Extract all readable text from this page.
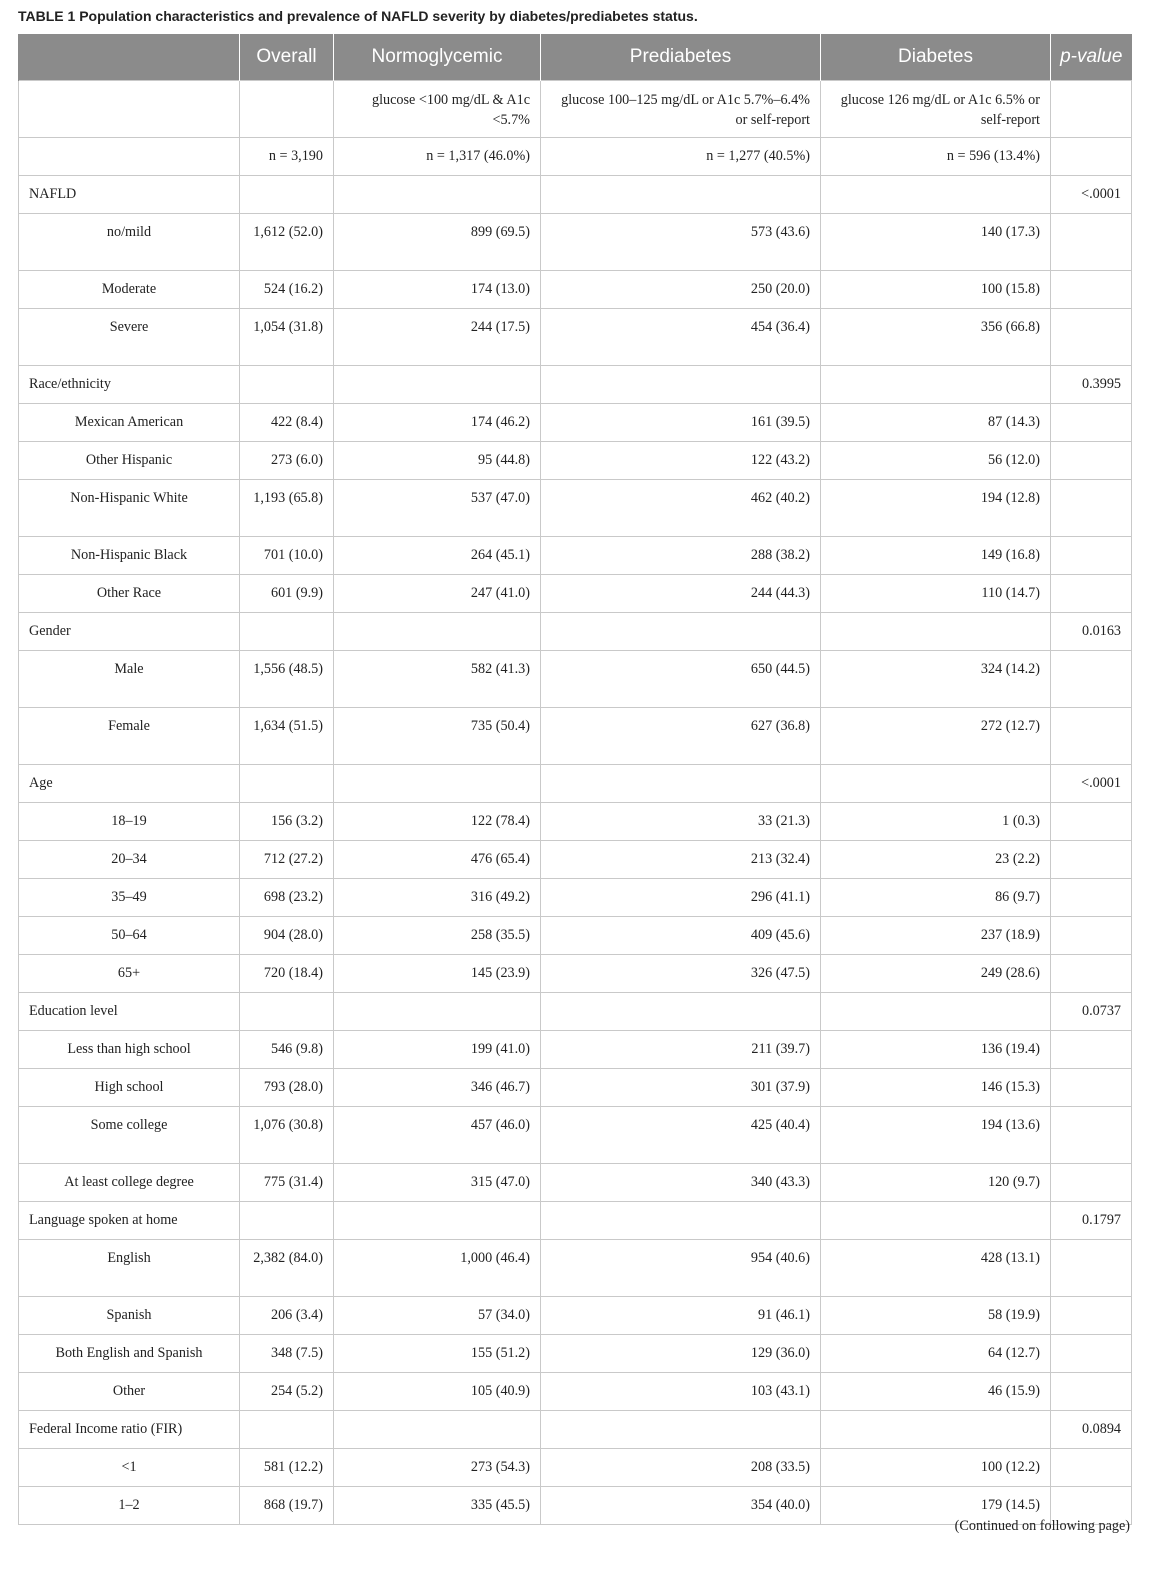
TABLE 1 Population characteristics and prevalence of NAFLD severity by diabetes/prediabetes status.
	Overall	Normoglycemic	Prediabetes	Diabetes	p-value
		glucose <100 mg/dL & A1c <5.7%	glucose 100–125 mg/dL or A1c 5.7%–6.4% or self-report	glucose 126 mg/dL or A1c 6.5% or self-report	
	n = 3,190	n = 1,317 (46.0%)	n = 1,277 (40.5%)	n = 596 (13.4%)	
NAFLD					<.0001
no/mild	1,612 (52.0)	899 (69.5)	573 (43.6)	140 (17.3)	
Moderate	524 (16.2)	174 (13.0)	250 (20.0)	100 (15.8)	
Severe	1,054 (31.8)	244 (17.5)	454 (36.4)	356 (66.8)	
Race/ethnicity					0.3995
Mexican American	422 (8.4)	174 (46.2)	161 (39.5)	87 (14.3)	
Other Hispanic	273 (6.0)	95 (44.8)	122 (43.2)	56 (12.0)	
Non-Hispanic White	1,193 (65.8)	537 (47.0)	462 (40.2)	194 (12.8)	
Non-Hispanic Black	701 (10.0)	264 (45.1)	288 (38.2)	149 (16.8)	
Other Race	601 (9.9)	247 (41.0)	244 (44.3)	110 (14.7)	
Gender					0.0163
Male	1,556 (48.5)	582 (41.3)	650 (44.5)	324 (14.2)	
Female	1,634 (51.5)	735 (50.4)	627 (36.8)	272 (12.7)	
Age					<.0001
18–19	156 (3.2)	122 (78.4)	33 (21.3)	1 (0.3)	
20–34	712 (27.2)	476 (65.4)	213 (32.4)	23 (2.2)	
35–49	698 (23.2)	316 (49.2)	296 (41.1)	86 (9.7)	
50–64	904 (28.0)	258 (35.5)	409 (45.6)	237 (18.9)	
65+	720 (18.4)	145 (23.9)	326 (47.5)	249 (28.6)	
Education level					0.0737
Less than high school	546 (9.8)	199 (41.0)	211 (39.7)	136 (19.4)	
High school	793 (28.0)	346 (46.7)	301 (37.9)	146 (15.3)	
Some college	1,076 (30.8)	457 (46.0)	425 (40.4)	194 (13.6)	
At least college degree	775 (31.4)	315 (47.0)	340 (43.3)	120 (9.7)	
Language spoken at home					0.1797
English	2,382 (84.0)	1,000 (46.4)	954 (40.6)	428 (13.1)	
Spanish	206 (3.4)	57 (34.0)	91 (46.1)	58 (19.9)	
Both English and Spanish	348 (7.5)	155 (51.2)	129 (36.0)	64 (12.7)	
Other	254 (5.2)	105 (40.9)	103 (43.1)	46 (15.9)	
Federal Income ratio (FIR)					0.0894
<1	581 (12.2)	273 (54.3)	208 (33.5)	100 (12.2)	
1–2	868 (19.7)	335 (45.5)	354 (40.0)	179 (14.5)	
(Continued on following page)
